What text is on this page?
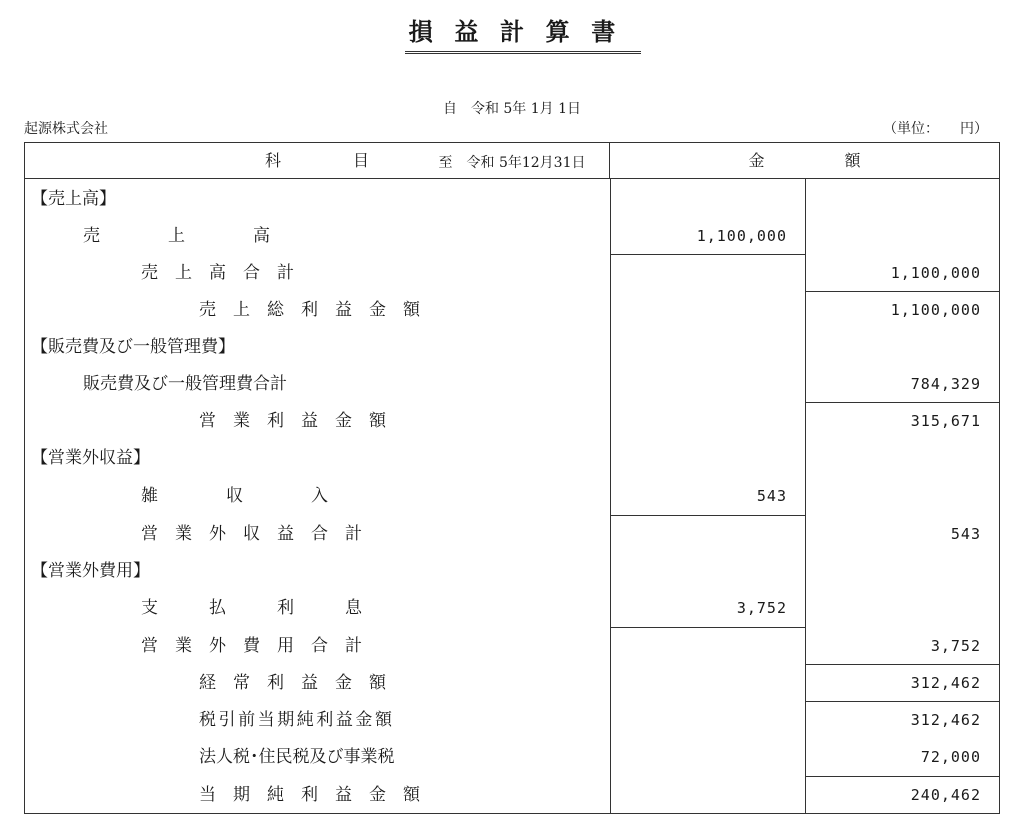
損益計算書

自　令和 5年 1月 1日

至　令和 5年12月31日

起源株式会社	（単位：　　円）
科目	金額
【売上高】
売　　　　上　　　　高	1,100,000
売　上　高　合　計	1,100,000
売　上　総　利　益　金　額	1,100,000
【販売費及び一般管理費】
販売費及び一般管理費合計	784,329
営　業　利　益　金　額	315,671
【営業外収益】
雑　　　　収　　　　入	543
営　業　外　収　益　合　計	543
【営業外費用】
支　　　払　　　利　　　息	3,752
営　業　外　費　用　合　計	3,752
経　常　利　益　金　額	312,462
税引前当期純利益金額	312,462
法人税･住民税及び事業税	72,000
当　期　純　利　益　金　額	240,462
